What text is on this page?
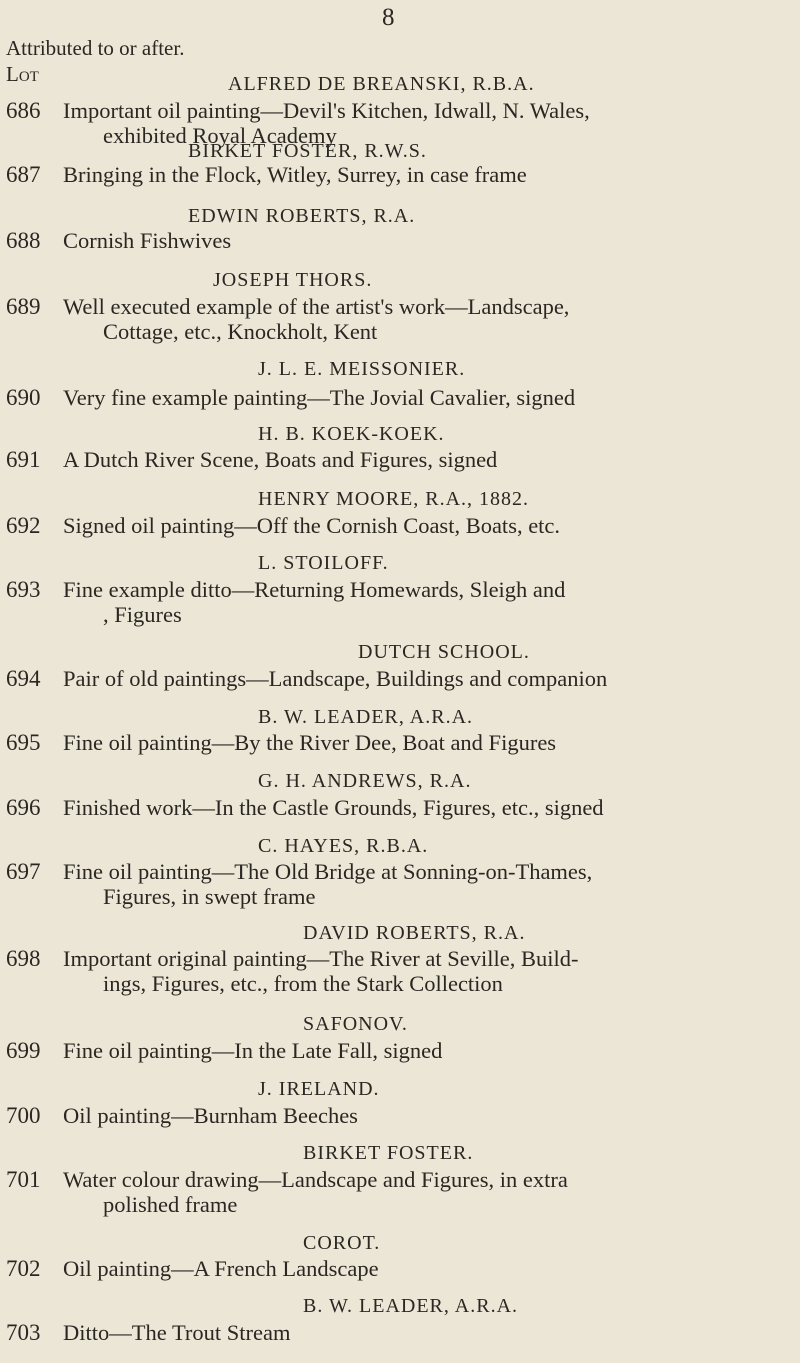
8
Attributed to or after.
Lot	ALFRED DE BREANSKI, R.B.A.
686 Important oil painting—Devil's Kitchen, Idwall, N. Wales,
exhibited Royal Academy
BIRKET FOSTER, R.W.S.
687 Bringing in the Flock, Witley, Surrey, in case frame
EDWIN ROBERTS, R.A.
688 Cornish Fishwives
JOSEPH THORS.
689 Well executed example of the artist's work—Landscape,
Cottage, etc., Knockholt, Kent
J. L. E. MEISSONIER.
690 Very fine example painting—The Jovial Cavalier, signed
H. B. KOEK-KOEK.
691 A Dutch River Scene, Boats and Figures, signed
HENRY MOORE, R.A., 1882.
692 Signed oil painting—Off the Cornish Coast, Boats, etc.
L. STOILOFF.
693 Fine example ditto—Returning Homewards, Sleigh and
, Figures
DUTCH SCHOOL.
694 Pair of old paintings—Landscape, Buildings and companion
B. W. LEADER, A.R.A.
695 Fine oil painting—By the River Dee, Boat and Figures
G. H. ANDREWS, R.A.
696 Finished work—In the Castle Grounds, Figures, etc., signed
C. HAYES, R.B.A.
697 Fine oil painting—The Old Bridge at Sonning-on-Thames,
Figures, in swept frame
DAVID ROBERTS, R.A.
698 Important original painting—The River at Seville, Build-
ings, Figures, etc., from the Stark Collection
SAFONOV.
699 Fine oil painting—In the Late Fall, signed
J. IRELAND.
700 Oil painting—Burnham Beeches
BIRKET FOSTER.
701 Water colour drawing—Landscape and Figures, in extra
polished frame
COROT.
702 Oil painting—A French Landscape
B. W. LEADER, A.R.A.
703 Ditto—The Trout Stream
